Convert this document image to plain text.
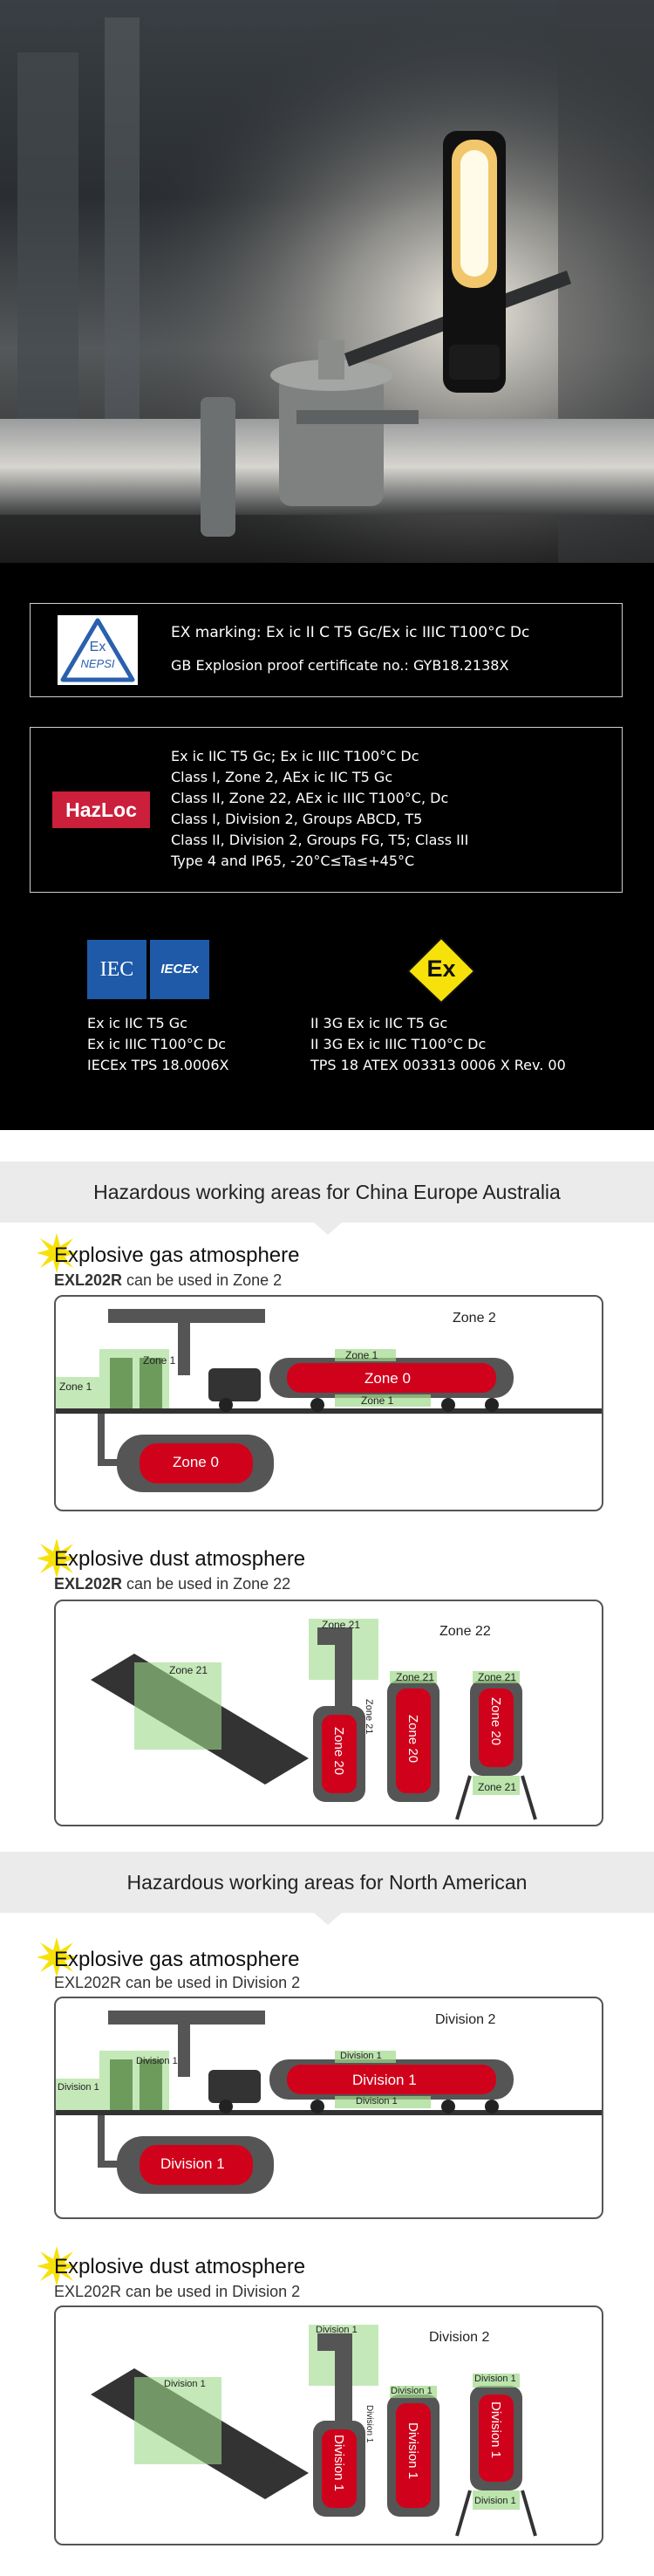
Ex
NEPSI
EX marking: Ex ic II C T5 Gc/Ex ic IIIC T100°C Dc
GB Explosion proof certificate no.: GYB18.2138X
HazLoc
Ex ic IIC T5 Gc; Ex ic IIIC T100°C Dc
Class I, Zone 2, AEx ic IIC T5 Gc
Class II, Zone 22, AEx ic IIIC T100°C, Dc
Class I, Division 2, Groups ABCD, T5
Class II, Division 2, Groups FG, T5; Class III
Type 4 and IP65, -20°C≤Ta≤+45°C
IEC	IECEx
Ex ic IIC T5 Gc
Ex ic IIIC T100°C Dc
IECEx TPS 18.0006X
Ex
II 3G Ex ic IIC T5 Gc
II 3G Ex ic IIIC T100°C Dc
TPS 18 ATEX 003313 0006 X Rev. 00
Hazardous working areas for China Europe Australia
Explosive gas atmosphere
EXL202R can be used in Zone 2
Zone 2
Zone 1
Zone 1
Zone 1
Zone 1
Zone 0
Zone 0
Explosive dust atmosphere
EXL202R can be used in Zone 22
Zone 22
Zone 21
Zone 21
Zone 21
Zone 21
Zone 21
Zone 21
Zone 20	Zone 20	Zone 20
Hazardous working areas for North American
Explosive gas atmosphere
EXL202R can be used in Division 2
Division 2
Division 1
Division 1
Division 1
Division 1
Division 1
Division 1
Explosive dust atmosphere
EXL202R can be used in Division 2
Division 2
Division 1
Division 1
Division 1
Division 1
Division 1
Division 1
Division 1	Division 1	Division 1
